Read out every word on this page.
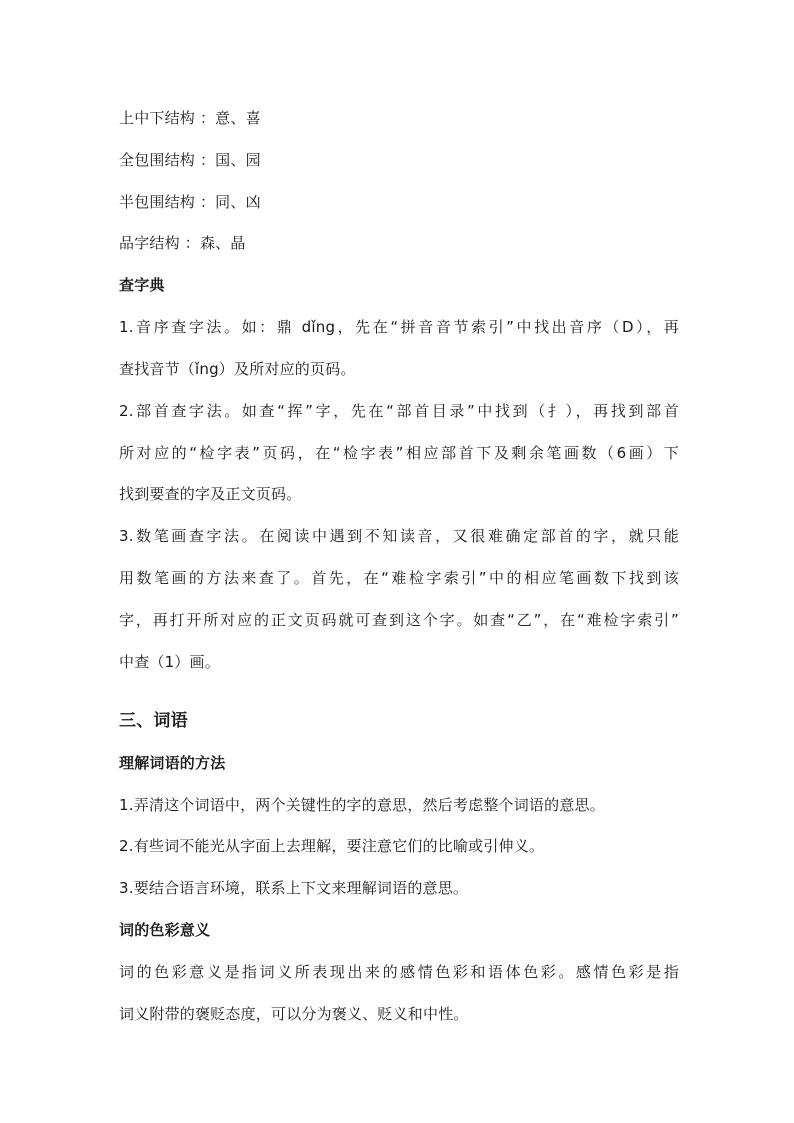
上中下结构 ：意、喜
全包围结构 ：国、园
半包围结构 ：同、凶
品字结构 ：森、晶
查字典
1.音序查字法。如：鼎 dǐng，先在“拼音音节索引”中找出音序（D），再
查找音节（ǐng）及所对应的页码。
2.部首查字法。如查“挥”字，先在“部首目录”中找到（扌），再找到部首
所对应的“检字表”页码，在“检字表”相应部首下及剩余笔画数（6画）下
找到要查的字及正文页码。
3.数笔画查字法。在阅读中遇到不知读音，又很难确定部首的字，就只能
用数笔画的方法来查了。首先，在“难检字索引”中的相应笔画数下找到该
字，再打开所对应的正文页码就可查到这个字。如查“乙”，在“难检字索引”
中查（1）画。
三、词语
理解词语的方法
1.弄清这个词语中，两个关键性的字的意思，然后考虑整个词语的意思。
2.有些词不能光从字面上去理解，要注意它们的比喻或引伸义。
3.要结合语言环境，联系上下文来理解词语的意思。
词的色彩意义
词的色彩意义是指词义所表现出来的感情色彩和语体色彩。感情色彩是指
词义附带的褒贬态度，可以分为褒义、贬义和中性。
